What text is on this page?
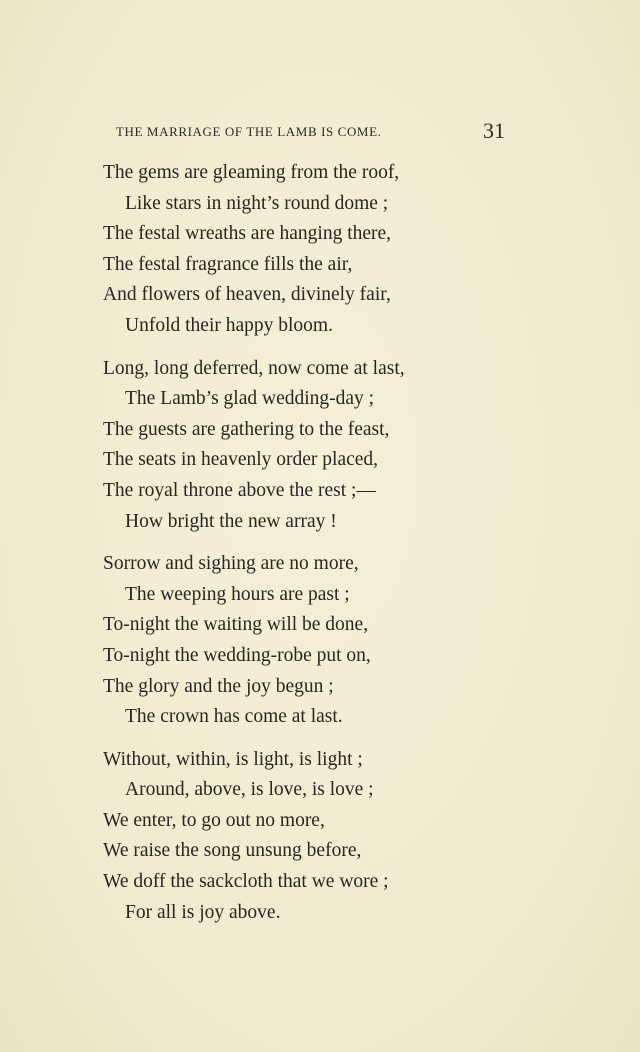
THE MARRIAGE OF THE LAMB IS COME.	31
The gems are gleaming from the roof,
Like stars in night’s round dome ;
The festal wreaths are hanging there,
The festal fragrance fills the air,
And flowers of heaven, divinely fair,
Unfold their happy bloom.
Long, long deferred, now come at last,
The Lamb’s glad wedding-day ;
The guests are gathering to the feast,
The seats in heavenly order placed,
The royal throne above the rest ;—
How bright the new array !
Sorrow and sighing are no more,
The weeping hours are past ;
To-night the waiting will be done,
To-night the wedding-robe put on,
The glory and the joy begun ;
The crown has come at last.
Without, within, is light, is light ;
Around, above, is love, is love ;
We enter, to go out no more,
We raise the song unsung before,
We doff the sackcloth that we wore ;
For all is joy above.
